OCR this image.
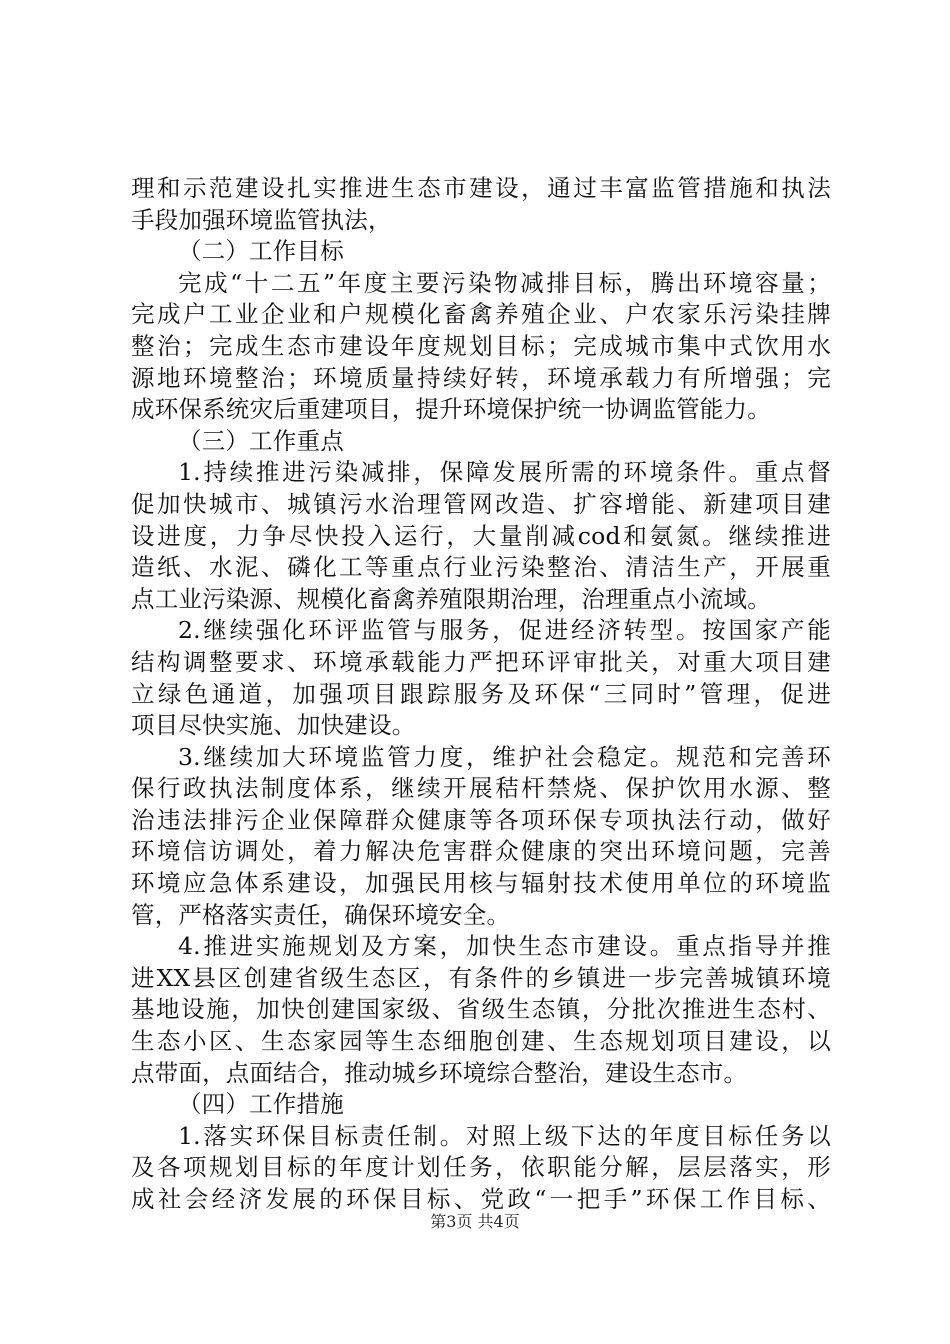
理和示范建设扎实推进生态市建设，通过丰富监管措施和执法
手段加强环境监管执法，
（二）工作目标
完成“十二五”年度主要污染物减排目标，腾出环境容量；
完成户工业企业和户规模化畜禽养殖企业、户农家乐污染挂牌
整治；完成生态市建设年度规划目标；完成城市集中式饮用水
源地环境整治；环境质量持续好转，环境承载力有所增强；完
成环保系统灾后重建项目，提升环境保护统一协调监管能力。
（三）工作重点
1.持续推进污染减排，保障发展所需的环境条件。重点督
促加快城市、城镇污水治理管网改造、扩容增能、新建项目建
设进度，力争尽快投入运行，大量削减cod和氨氮。继续推进
造纸、水泥、磷化工等重点行业污染整治、清洁生产，开展重
点工业污染源、规模化畜禽养殖限期治理，治理重点小流域。
2.继续强化环评监管与服务，促进经济转型。按国家产能
结构调整要求、环境承载能力严把环评审批关，对重大项目建
立绿色通道，加强项目跟踪服务及环保“三同时”管理，促进
项目尽快实施、加快建设。
3.继续加大环境监管力度，维护社会稳定。规范和完善环
保行政执法制度体系，继续开展秸杆禁烧、保护饮用水源、整
治违法排污企业保障群众健康等各项环保专项执法行动，做好
环境信访调处，着力解决危害群众健康的突出环境问题，完善
环境应急体系建设，加强民用核与辐射技术使用单位的环境监
管，严格落实责任，确保环境安全。
4.推进实施规划及方案，加快生态市建设。重点指导并推
进XX县区创建省级生态区，有条件的乡镇进一步完善城镇环境
基地设施，加快创建国家级、省级生态镇，分批次推进生态村、
生态小区、生态家园等生态细胞创建、生态规划项目建设，以
点带面，点面结合，推动城乡环境综合整治，建设生态市。
（四）工作措施
1.落实环保目标责任制。对照上级下达的年度目标任务以
及各项规划目标的年度计划任务，依职能分解，层层落实，形
成社会经济发展的环保目标、党政“一把手”环保工作目标、
第3页 共4页
